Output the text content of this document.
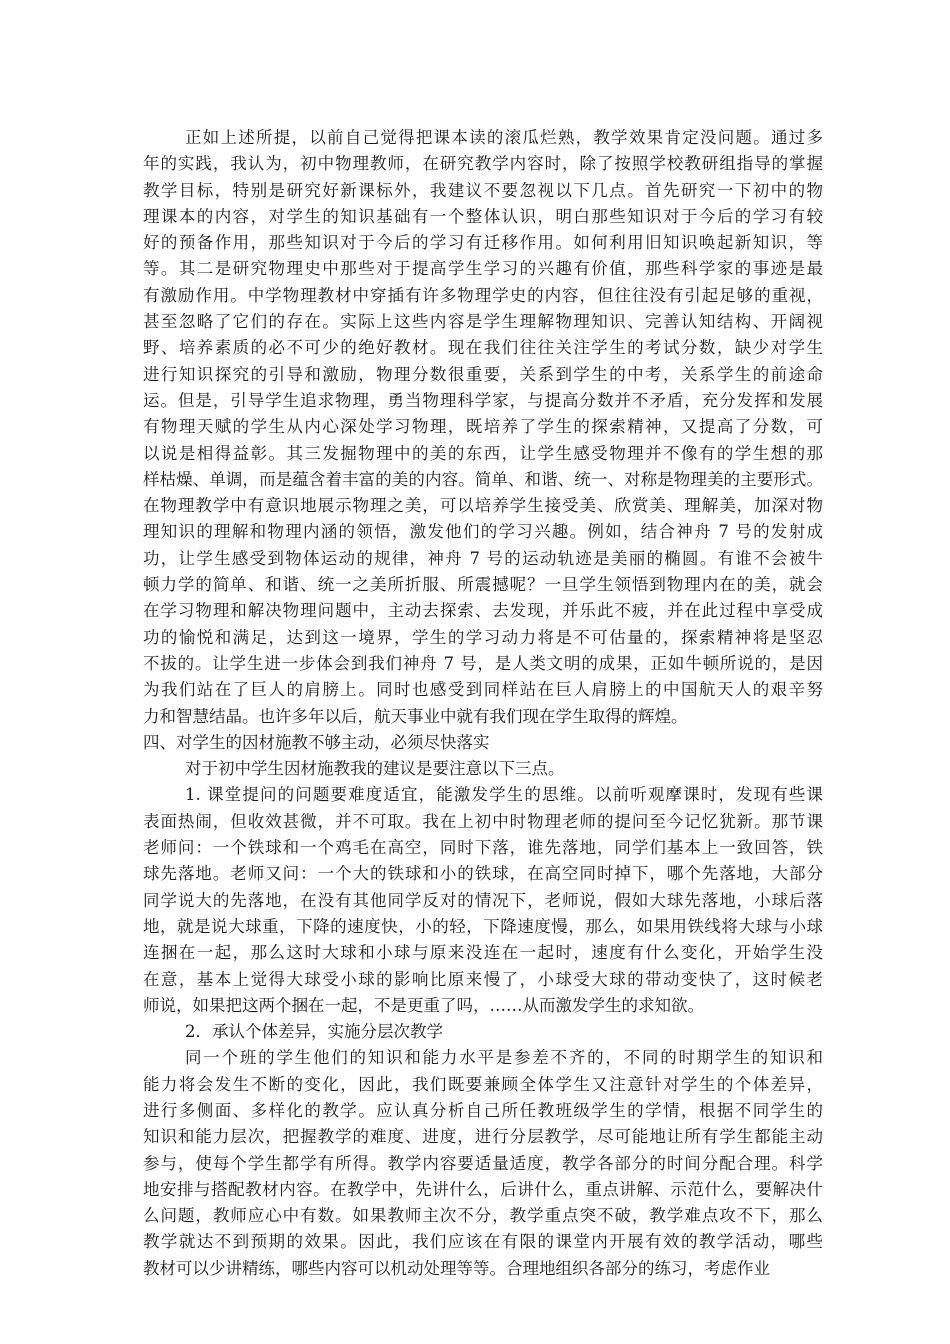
正如上述所提，以前自己觉得把课本读的滚瓜烂熟，教学效果肯定没问题。通过多
年的实践，我认为，初中物理教师，在研究教学内容时，除了按照学校教研组指导的掌握
教学目标，特别是研究好新课标外，我建议不要忽视以下几点。首先研究一下初中的物
理课本的内容，对学生的知识基础有一个整体认识，明白那些知识对于今后的学习有较
好的预备作用，那些知识对于今后的学习有迁移作用。如何利用旧知识唤起新知识，等
等。其二是研究物理史中那些对于提高学生学习的兴趣有价值，那些科学家的事迹是最
有激励作用。中学物理教材中穿插有许多物理学史的内容，但往往没有引起足够的重视，
甚至忽略了它们的存在。实际上这些内容是学生理解物理知识、完善认知结构、开阔视
野、培养素质的必不可少的绝好教材。现在我们往往关注学生的考试分数，缺少对学生
进行知识探究的引导和激励，物理分数很重要，关系到学生的中考，关系学生的前途命
运。但是，引导学生追求物理，勇当物理科学家，与提高分数并不矛盾，充分发挥和发展
有物理天赋的学生从内心深处学习物理，既培养了学生的探索精神，又提高了分数，可
以说是相得益彰。其三发掘物理中的美的东西，让学生感受物理并不像有的学生想的那
样枯燥、单调，而是蕴含着丰富的美的内容。简单、和谐、统一、对称是物理美的主要形式。
在物理教学中有意识地展示物理之美，可以培养学生接受美、欣赏美、理解美，加深对物
理知识的理解和物理内涵的领悟，激发他们的学习兴趣。例如，结合神舟 7 号的发射成
功，让学生感受到物体运动的规律，神舟 7 号的运动轨迹是美丽的椭圆。有谁不会被牛
顿力学的简单、和谐、统一之美所折服、所震撼呢？一旦学生领悟到物理内在的美，就会
在学习物理和解决物理问题中，主动去探索、去发现，并乐此不疲，并在此过程中享受成
功的愉悦和满足，达到这一境界，学生的学习动力将是不可估量的，探索精神将是坚忍
不拔的。让学生进一步体会到我们神舟 7 号，是人类文明的成果，正如牛顿所说的，是因
为我们站在了巨人的肩膀上。同时也感受到同样站在巨人肩膀上的中国航天人的艰辛努
力和智慧结晶。也许多年以后，航天事业中就有我们现在学生取得的辉煌。
四、对学生的因材施教不够主动，必须尽快落实
对于初中学生因材施教我的建议是要注意以下三点。
1. 课堂提问的问题要难度适宜，能激发学生的思维。以前听观摩课时，发现有些课
表面热闹，但收效甚微，并不可取。我在上初中时物理老师的提问至今记忆犹新。那节课
老师问：一个铁球和一个鸡毛在高空，同时下落，谁先落地，同学们基本上一致回答，铁
球先落地。老师又问：一个大的铁球和小的铁球，在高空同时掉下，哪个先落地，大部分
同学说大的先落地，在没有其他同学反对的情况下，老师说，假如大球先落地，小球后落
地，就是说大球重，下降的速度快，小的轻，下降速度慢，那么，如果用铁线将大球与小球
连捆在一起，那么这时大球和小球与原来没连在一起时，速度有什么变化，开始学生没
在意，基本上觉得大球受小球的影响比原来慢了，小球受大球的带动变快了，这时候老
师说，如果把这两个捆在一起，不是更重了吗，……从而激发学生的求知欲。
2．承认个体差异，实施分层次教学
同一个班的学生他们的知识和能力水平是参差不齐的，不同的时期学生的知识和
能力将会发生不断的变化，因此，我们既要兼顾全体学生又注意针对学生的个体差异，
进行多侧面、多样化的教学。应认真分析自己所任教班级学生的学情，根据不同学生的
知识和能力层次，把握教学的难度、进度，进行分层教学，尽可能地让所有学生都能主动
参与，使每个学生都学有所得。教学内容要适量适度，教学各部分的时间分配合理。科学
地安排与搭配教材内容。在教学中，先讲什么，后讲什么，重点讲解、示范什么，要解决什
么问题，教师应心中有数。如果教师主次不分，教学重点突不破，教学难点攻不下，那么
教学就达不到预期的效果。因此，我们应该在有限的课堂内开展有效的教学活动，哪些
教材可以少讲精练，哪些内容可以机动处理等等。合理地组织各部分的练习，考虑作业
